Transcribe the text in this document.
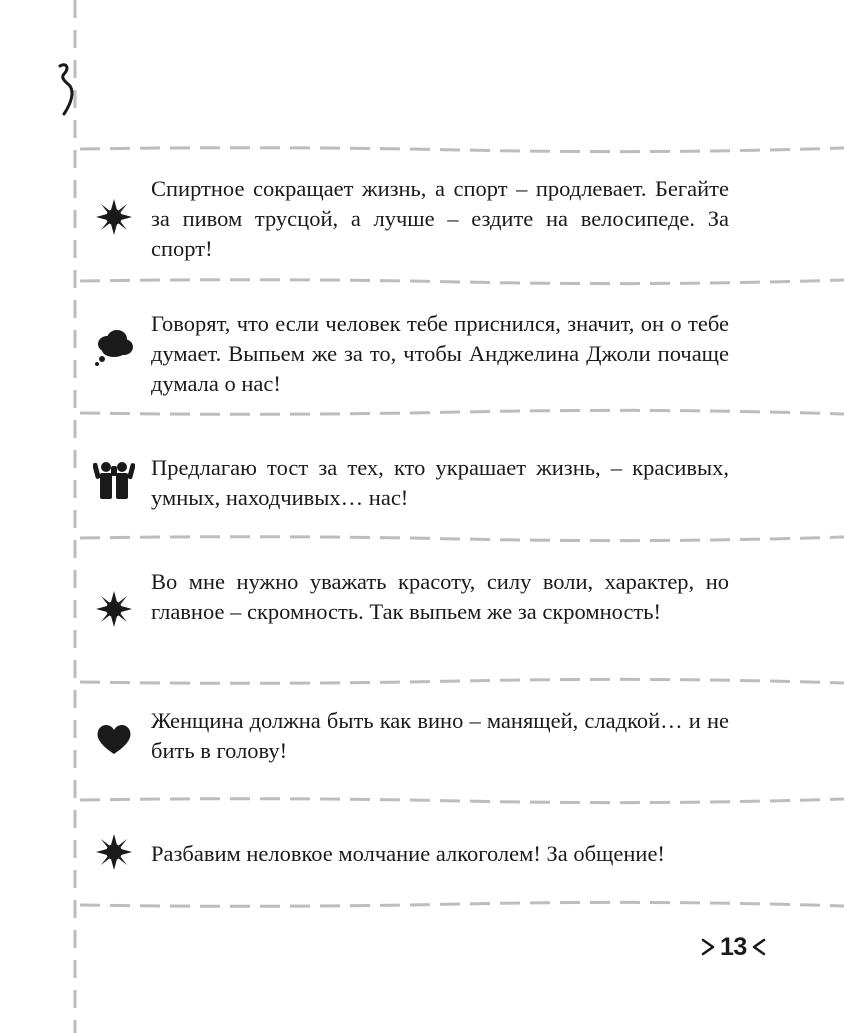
Спиртное сокращает жизнь, а спорт – продлевает. Бегайте за пивом трусцой, а лучше – ездите на велосипеде. За спорт!
Говорят, что если человек тебе приснился, значит, он о тебе думает. Выпьем же за то, чтобы Анджелина Джоли почаще думала о нас!
Предлагаю тост за тех, кто украшает жизнь, – красивых, умных, находчивых… нас!
Во мне нужно уважать красоту, силу воли, характер, но главное – скромность. Так выпьем же за скромность!
Женщина должна быть как вино – манящей, сладкой… и не бить в голову!
Разбавим неловкое молчание алкоголем! За общение!
13
